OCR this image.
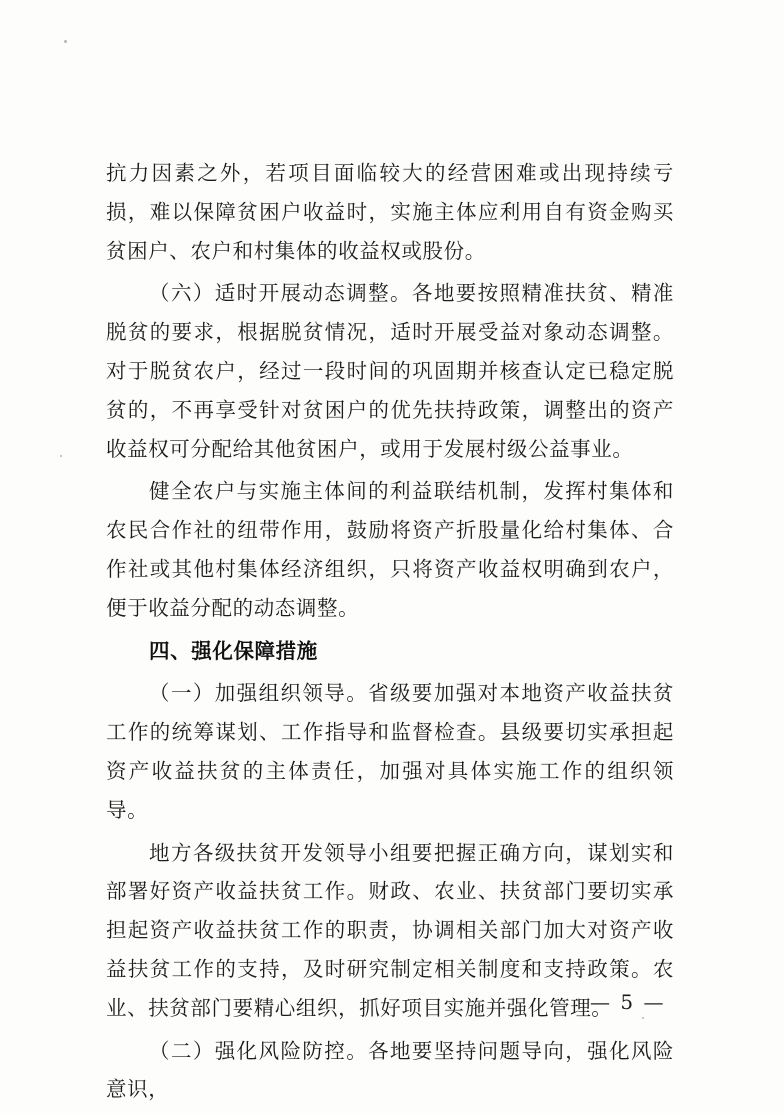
抗力因素之外，若项目面临较大的经营困难或出现持续亏损，难以保障贫困户收益时，实施主体应利用自有资金购买贫困户、农户和村集体的收益权或股份。

（六）适时开展动态调整。各地要按照精准扶贫、精准脱贫的要求，根据脱贫情况，适时开展受益对象动态调整。对于脱贫农户，经过一段时间的巩固期并核查认定已稳定脱贫的，不再享受针对贫困户的优先扶持政策，调整出的资产收益权可分配给其他贫困户，或用于发展村级公益事业。

健全农户与实施主体间的利益联结机制，发挥村集体和农民合作社的纽带作用，鼓励将资产折股量化给村集体、合作社或其他村集体经济组织，只将资产收益权明确到农户，便于收益分配的动态调整。

四、强化保障措施

（一）加强组织领导。省级要加强对本地资产收益扶贫工作的统筹谋划、工作指导和监督检查。县级要切实承担起资产收益扶贫的主体责任，加强对具体实施工作的组织领导。

地方各级扶贫开发领导小组要把握正确方向，谋划实和部署好资产收益扶贫工作。财政、农业、扶贫部门要切实承担起资产收益扶贫工作的职责，协调相关部门加大对资产收益扶贫工作的支持，及时研究制定相关制度和支持政策。农业、扶贫部门要精心组织，抓好项目实施并强化管理。

（二）强化风险防控。各地要坚持问题导向，强化风险意识，

— 5 —
